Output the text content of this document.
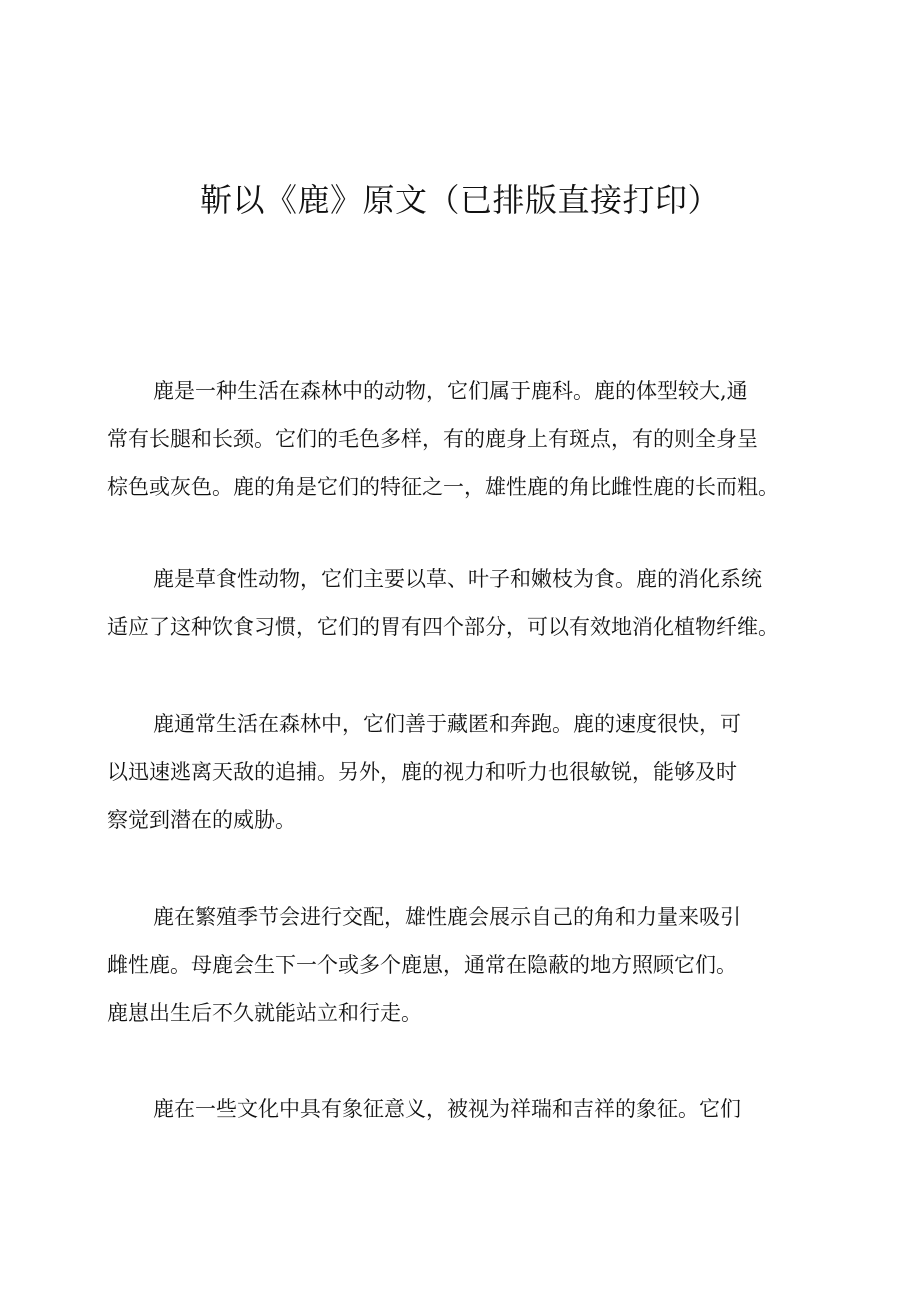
靳以《鹿》原文（已排版直接打印）

鹿是一种生活在森林中的动物，它们属于鹿科。鹿的体型较大,通
常有长腿和长颈。它们的毛色多样，有的鹿身上有斑点，有的则全身呈
棕色或灰色。鹿的角是它们的特征之一，雄性鹿的角比雌性鹿的长而粗。

鹿是草食性动物，它们主要以草、叶子和嫩枝为食。鹿的消化系统
适应了这种饮食习惯，它们的胃有四个部分，可以有效地消化植物纤维。

鹿通常生活在森林中，它们善于藏匿和奔跑。鹿的速度很快，可
以迅速逃离天敌的追捕。另外，鹿的视力和听力也很敏锐，能够及时
察觉到潜在的威胁。

鹿在繁殖季节会进行交配，雄性鹿会展示自己的角和力量来吸引
雌性鹿。母鹿会生下一个或多个鹿崽，通常在隐蔽的地方照顾它们。
鹿崽出生后不久就能站立和行走。

鹿在一些文化中具有象征意义，被视为祥瑞和吉祥的象征。它们
